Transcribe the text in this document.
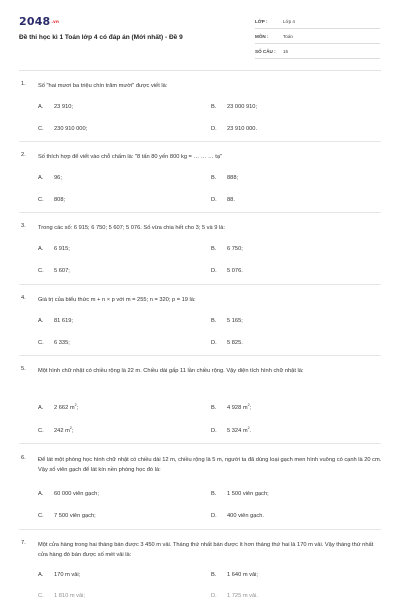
2048.vn
Đề thi học kì 1 Toán lớp 4 có đáp án (Mới nhất) - Đề 9
LỚP :	Lớp 4
MÔN :	Toán
SỐ CÂU : 15
1. Số "hai mươi ba triệu chín trăm mười" được viết là:
A. 23 910;	B. 23 000 910;
C. 230 910 000;	D. 23 910 000.
2. Số thích hợp để viết vào chỗ chấm là: "8 tấn 80 yến 800 kg = … … … tạ"
A. 96;	B. 888;
C. 808;	D. 88.
3. Trong các số: 6 915; 6 750; 5 607; 5 076. Số vừa chia hết cho 3; 5 và 9 là:
A. 6 915;	B. 6 750;
C. 5 607;	D. 5 076.
4. Giá trị của biểu thức m + n × p với m = 255; n = 320; p = 19 là:
A. 81 619;	B. 5 165;
C. 6 335;	D. 5 825.
5. Một hình chữ nhật có chiều rộng là 22 m. Chiều dài gấp 11 lần chiều rộng. Vậy diện tích hình chữ nhật là:
A. 2 662 $m^2$;	B. 4 928 $m^2$;
C. 242 $m^2$;	D. 5 324 $m^2$.
6. Để lát một phòng học hình chữ nhật có chiều dài 12 m, chiều rộng là 5 m, người ta đã dùng loại gạch men hình vuông có cạnh là 20 cm. Vậy số viên gạch để lát kín nền phòng học đó là:
A. 60 000 viên gạch;	B. 1 500 viên gạch;
C. 7 500 viên gạch;	D. 400 viên gạch.
7. Một cửa hàng trong hai tháng bán được 3 450 m vải. Tháng thứ nhất bán được ít hơn tháng thứ hai là 170 m vải. Vậy tháng thứ nhất cửa hàng đó bán được số mét vải là:
A. 170 m vải;	B. 1 640 m vải;
C. 1 810 m vải;	D. 1 725 m vải.
